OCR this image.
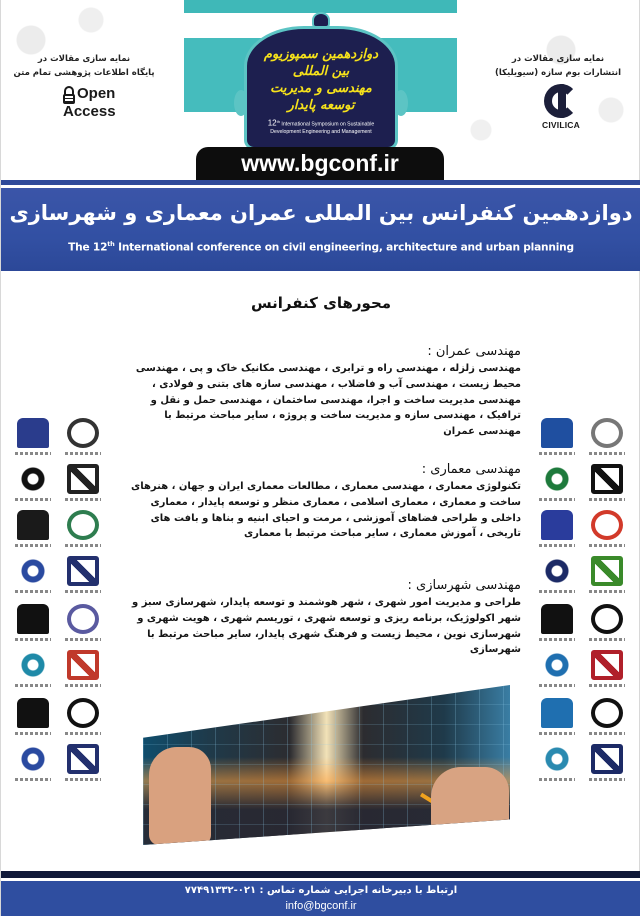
دوازدهمین سمپوزیوم بین المللی
مهندسی و مدیریت توسعه پایدار
12th International Symposium on Sustainable
Development Engineering and Management
نمایه سازی مقالات در
پایگاه اطلاعات پژوهشی تمام متن
Open
Access
نمایه سازی مقالات در
انتشارات بوم سازه (سیویلیکا)
CIVILICA
www.bgconf.ir
دوازدهمین کنفرانس بین المللی عمران معماری و شهرسازی
The 12th International conference on civil engineering, architecture and urban planning
محورهای کنفرانس
مهندسی عمران :
مهندسی زلزله ، مهندسی راه و ترابری ، مهندسی مکانیک خاک و پی ، مهندسی محیط زیست ، مهندسی آب و فاضلاب ، مهندسی سازه های بتنی و فولادی ، مهندسی مدیریت ساخت و اجرا، مهندسی ساختمان ، مهندسی حمل و نقل و ترافیک ، مهندسی سازه و مدیریت ساخت و پروژه ، سایر مباحث مرتبط با مهندسی عمران
مهندسی معماری :
تکنولوژی معماری ، مهندسی معماری ، مطالعات معماری ایران و جهان ، هنرهای ساخت و معماری ، معماری اسلامی ، معماری منظر و توسعه پایدار ، معماری داخلی و طراحی فضاهای آموزشی ، مرمت و احیای ابنیه و بناها و بافت های تاریخی ، آموزش معماری ، سایر مباحث مرتبط با معماری
مهندسی شهرسازی :
طراحی و مدیریت امور شهری ، شهر هوشمند و توسعه پایدار، شهرسازی سبز و شهر اکولوژیک، برنامه ریزی و توسعه شهری ، توریسم شهری ، هویت شهری و شهرسازی نوین ، محیط زیست و فرهنگ شهری پایدار، سایر مباحث مرتبط با شهرسازی
ارتباط با دبیرخانه اجرایی شماره تماس : ۰۲۱-۷۷۴۹۱۳۳۲
info@bgconf.ir
